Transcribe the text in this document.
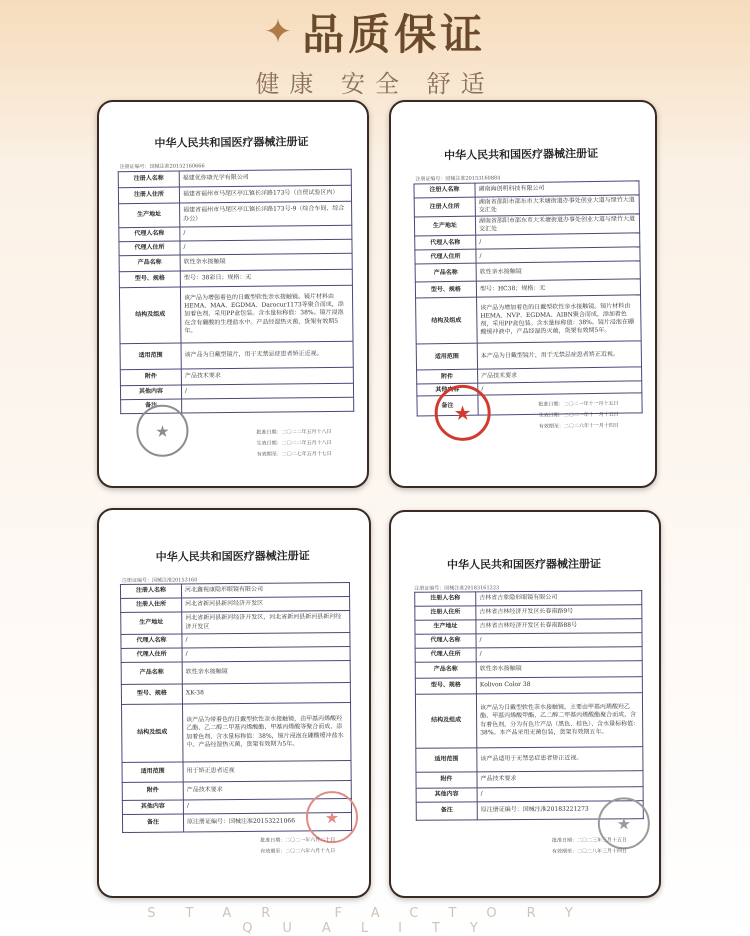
✦ 品质保证
健康 安全 舒适
中华人民共和国医疗器械注册证
注册证编号：国械注准20152160666
注册人名称	福建优你康光学有限公司
注册人住所	福建省福州市马尾区亭江镇长洋路173号（自贸试验区内）
生产地址	福建省福州市马尾区亭江镇长洋路173号-9（综合车间、综合办公）
代理人名称	/
代理人住所	/
产品名称	软性亲水接触镜
型号、规格	型号：38彩日；规格：无
结构及组成	该产品为增强着色的日戴型软性亲水接触镜。镜片材料由HEMA、MAA、EGDMA、Darocur1173等聚合而成，添加着色剂，采用PP盒包装。含水量标称值：38%。镜片浸泡在含有硼酸的生理盐水中。产品经湿热灭菌，货架有效期5年。
适用范围	该产品为日戴型镜片，用于无禁忌症患者矫正近视。
附件	产品技术要求
其他内容	/
备注	
★	批准日期：二〇二二年五月十八日
生效日期：二〇二二年五月十八日
有效期至：二〇二七年五月十七日
中华人民共和国医疗器械注册证
注册证编号：国械注准20153160884
注册人名称	湖南海创明科技有限公司
注册人住所	湖南省邵阳市邵东市大禾塘街道办事处创业大道与绿竹大道交汇处
生产地址	湖南省邵阳市邵东市大禾塘街道办事处创业大道与绿竹大道交汇处
代理人名称	/
代理人住所	/
产品名称	软性亲水接触镜
型号、规格	型号：HC38；规格：无
结构及组成	该产品为增加着色的日戴型软性亲水接触镜。镜片材料由HEMA、NVP、EGDMA、AIBN聚合而成，添加着色剂，采用PP盒包装。含水量标称值：38%。镜片浸泡在硼酸缓冲液中，产品经湿热灭菌，货架有效期5年。
适用范围	本产品为日戴型镜片，用于无禁忌症患者矫正近视。
附件	产品技术要求
其他内容	/
备注	★	批准日期：二〇二一年十一月十五日
生效日期：二〇二一年十一月十五日
有效期至：二〇二六年十一月十四日
中华人民共和国医疗器械注册证
注册证编号：国械注准20153160
注册人名称	河北鑫视康隐形眼镜有限公司
注册人住所	河北省新河县新河经济开发区
生产地址	河北省新河县新河经济开发区，河北省新河县新河县新河经济开发区
代理人名称	/
代理人住所	/
产品名称	软性亲水接触镜
型号、规格	XK-38
结构及组成	该产品为带着色的日戴型软性亲水接触镜，由甲基丙烯酸羟乙酯、乙二醇二甲基丙烯酸酯、甲基丙烯酸等聚合而成，添加着色剂，含水量标称值：38%，镜片浸泡在硼酸缓冲盐水中。产品经湿热灭菌，货架有效期为5年。
适用范围	用于矫正患者近视
附件	产品技术要求
其他内容	/
备注	原注册证编号：国械注准20153221066 ★
批准日期：二〇二一年六月二十日
有效期至：二〇二六年六月十九日
中华人民共和国医疗器械注册证
注册证编号：国械注准20183161223
注册人名称	吉林省吉象隐形眼镜有限公司
注册人住所	吉林省吉林经济开发区长春南路9号
生产地址	吉林省吉林经济开发区长春南路88号
代理人名称	/
代理人住所	/
产品名称	软性亲水接触镜
型号、规格	Kolivon Color 38
结构及组成	该产品为日戴型软性亲水接触镜，主要由甲基丙烯酸羟乙酯、甲基丙烯酸甲酯、乙二醇二甲基丙烯酸酯聚合而成，含有着色剂，分为有色片产品（黑色、棕色）、含水量标称值：38%。本产品采用无菌包装，货架有效期五年。
适用范围	该产品适用于无禁忌症患者矫正近视。
附件	产品技术要求
其他内容	/
备注	原注册证编号：国械注准20183221273
★
批准日期：二〇二三年三月十五日
有效期至：二〇二八年三月十四日
STAR FACTORY QUALITY
